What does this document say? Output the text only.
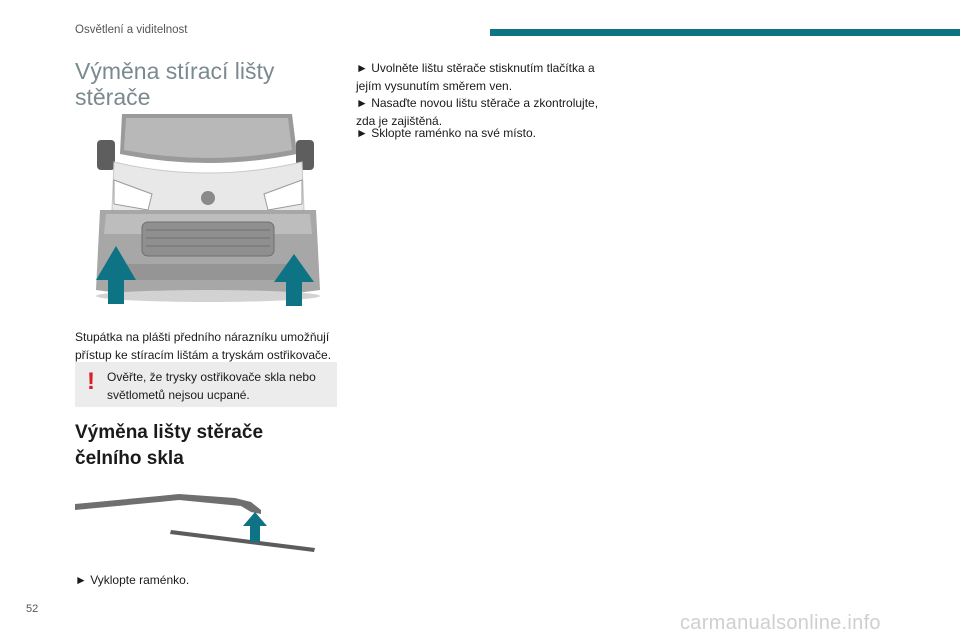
Osvětlení a viditelnost
Výměna stírací lišty stěrače

Stupátka na plášti předního nárazníku umožňují přístup ke stíracím lištám a tryskám ostřikovače.

! Ověřte, že trysky ostřikovače skla nebo světlometů nejsou ucpané.
Výměna lišty stěrače čelního skla

► Vyklopte raménko.

► Uvolněte lištu stěrače stisknutím tlačítka a jejím vysunutím směrem ven.

► Nasaďte novou lištu stěrače a zkontrolujte, zda je zajištěná.

► Sklopte raménko na své místo.

52
carmanualsonline.info
